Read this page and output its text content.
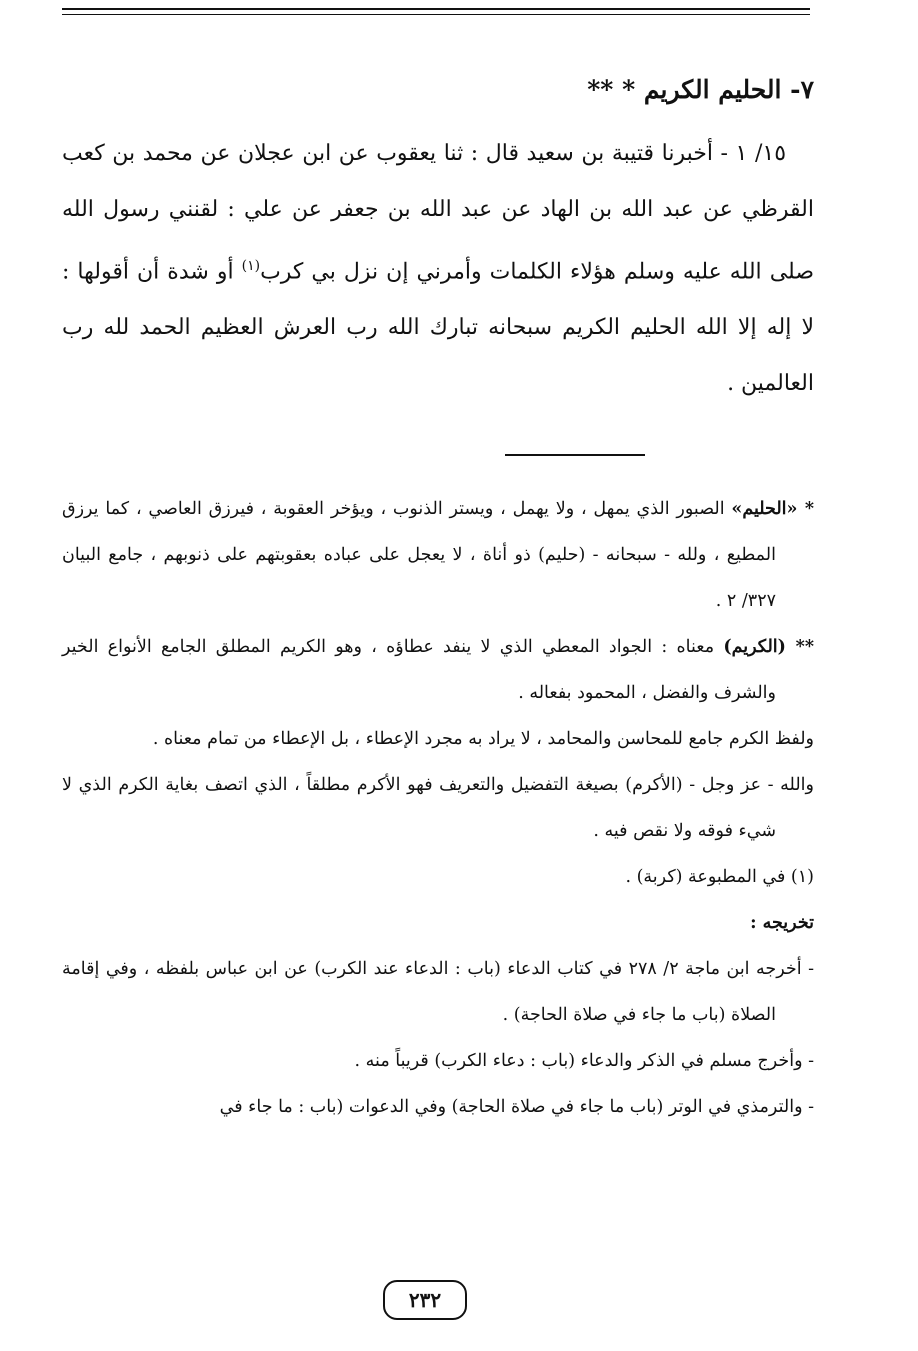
٧- الحليم الكريم * **

١٥/ ١ - أخبرنا قتيبة بن سعيد قال : ثنا يعقوب عن ابن عجلان عن محمد بن كعب القرظي عن عبد الله بن الهاد عن عبد الله بن جعفر عن علي : لقنني رسول الله صلى الله عليه وسلم هؤلاء الكلمات وأمرني إن نزل بي كرب$^{(١)}$ أو شدة أن أقولها : لا إله إلا الله الحليم الكريم سبحانه تبارك الله رب العرش العظيم الحمد لله رب العالمين .

* «الحليم» الصبور الذي يمهل ، ولا يهمل ، ويستر الذنوب ، ويؤخر العقوبة ، فيرزق العاصي ، كما يرزق المطيع ، ولله - سبحانه - (حليم) ذو أناة ، لا يعجل على عباده بعقوبتهم على ذنوبهم ، جامع البيان ٣٢٧/ ٢ .

** (الكريم) معناه : الجواد المعطي الذي لا ينفد عطاؤه ، وهو الكريم المطلق الجامع الأنواع الخير والشرف والفضل ، المحمود بفعاله .

ولفظ الكرم جامع للمحاسن والمحامد ، لا يراد به مجرد الإعطاء ، بل الإعطاء من تمام معناه .

والله - عز وجل - (الأكرم) بصيغة التفضيل والتعريف فهو الأكرم مطلقاً ، الذي اتصف بغاية الكرم الذي لا شيء فوقه ولا نقص فيه .

(١) في المطبوعة (كربة) .

تخريجه :

- أخرجه ابن ماجة ٢/ ٢٧٨ في كتاب الدعاء (باب : الدعاء عند الكرب) عن ابن عباس بلفظه ، وفي إقامة الصلاة (باب ما جاء في صلاة الحاجة) .

- وأخرج مسلم في الذكر والدعاء (باب : دعاء الكرب) قريباً منه .

- والترمذي في الوتر (باب ما جاء في صلاة الحاجة) وفي الدعوات (باب : ما جاء في

٢٣٢
